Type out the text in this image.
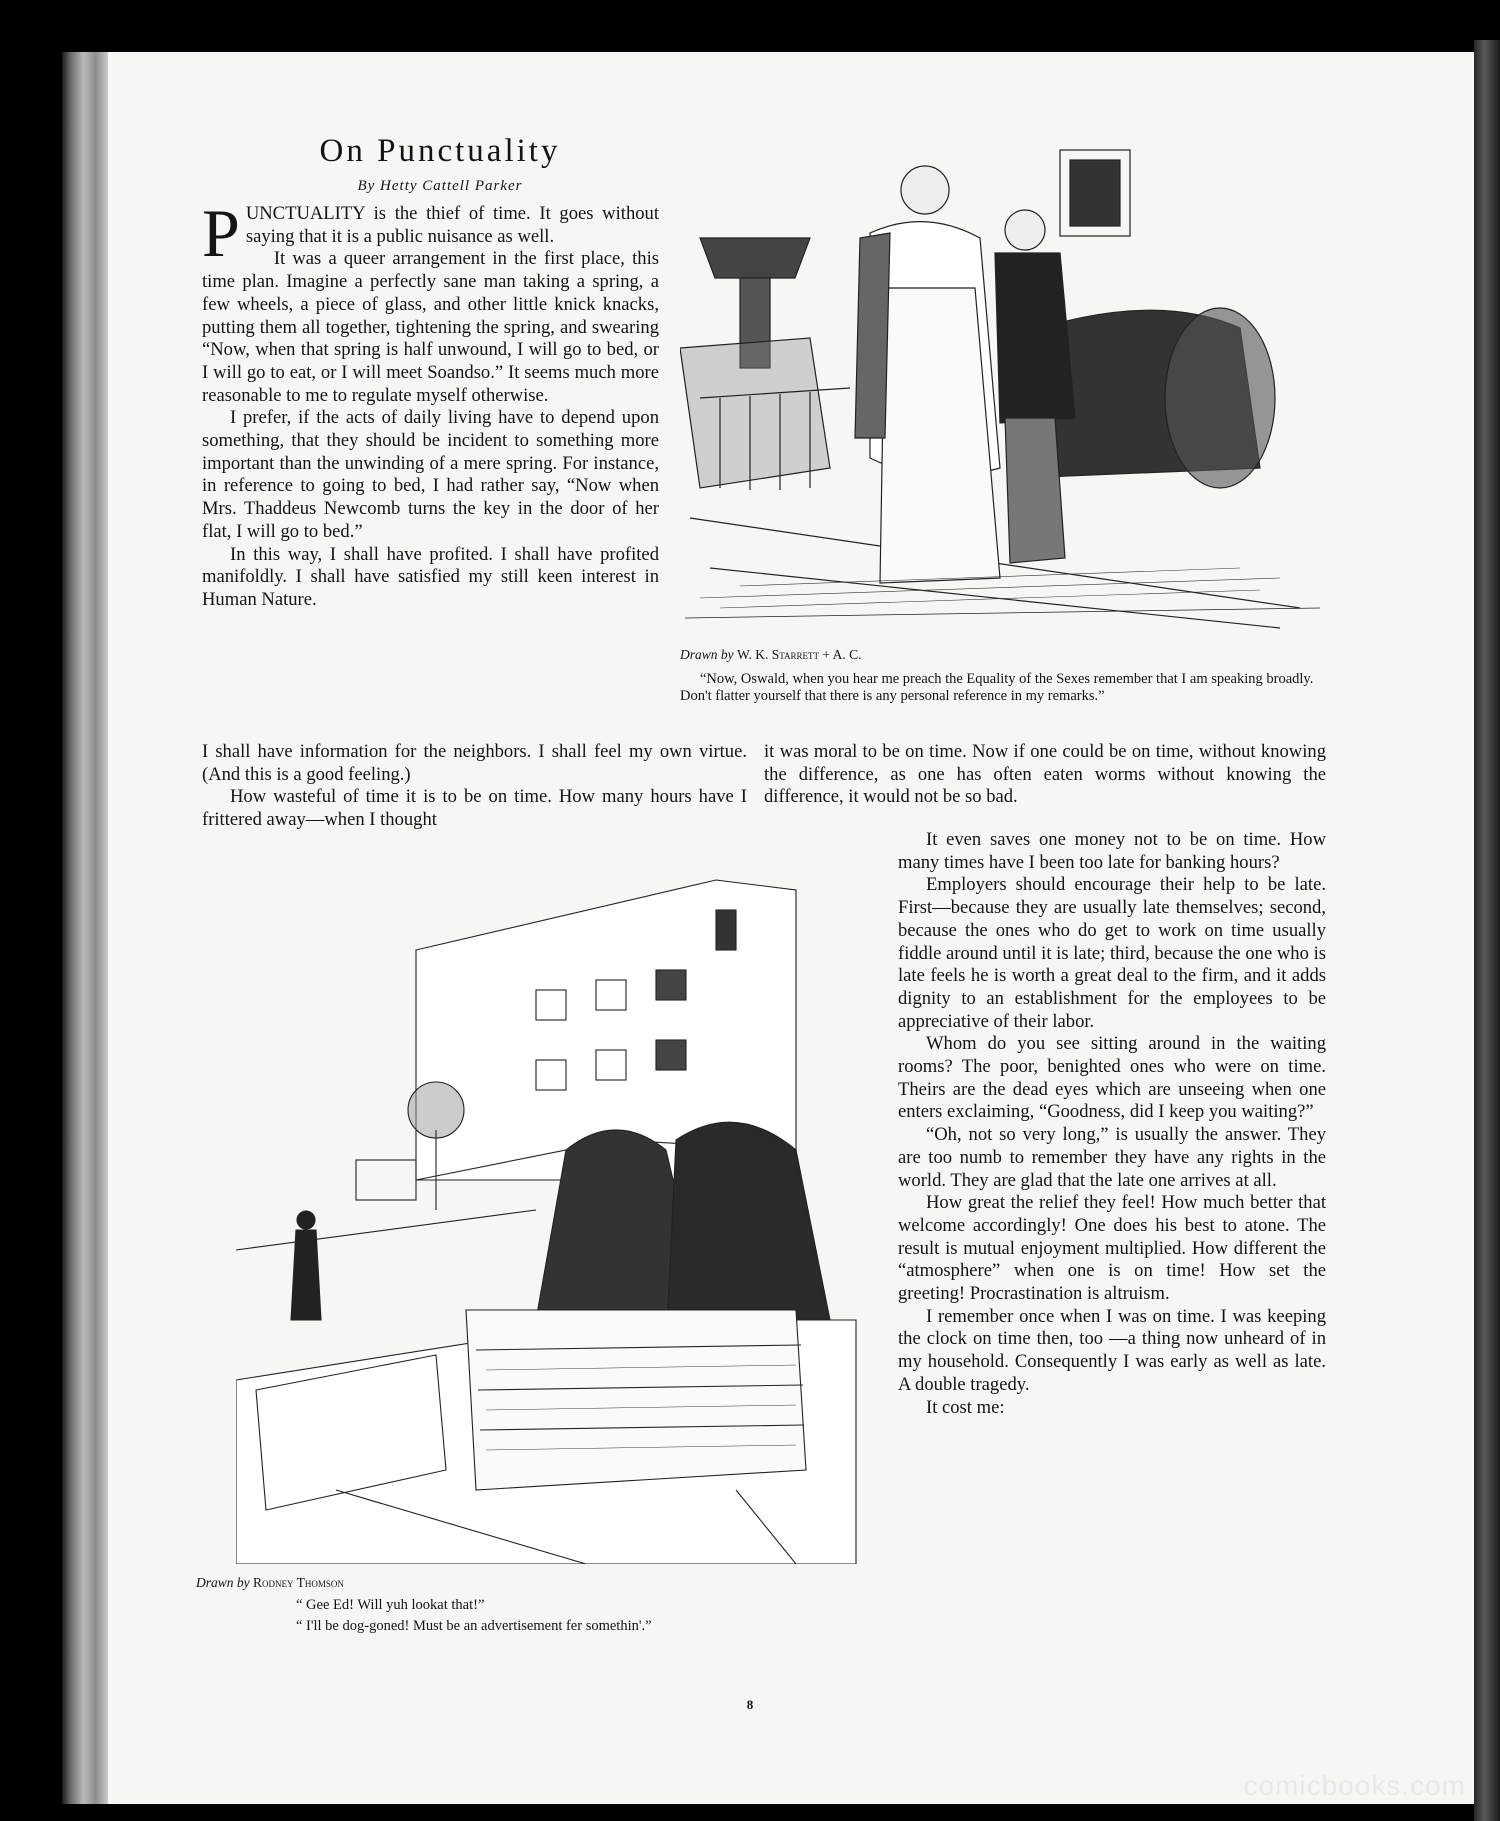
On Punctuality
By Hetty Cattell Parker

PUNCTUALITY is the thief of time. It goes without saying that it is a public nuisance as well.

It was a queer arrangement in the first place, this time plan. Imagine a perfectly sane man taking a spring, a few wheels, a piece of glass, and other little knick knacks, putting them all together, tightening the spring, and swearing “Now, when that spring is half unwound, I will go to bed, or I will go to eat, or I will meet Soandso.” It seems much more reasonable to me to regulate myself otherwise.

I prefer, if the acts of daily living have to depend upon something, that they should be incident to something more important than the unwinding of a mere spring. For instance, in reference to going to bed, I had rather say, “Now when Mrs. Thaddeus Newcomb turns the key in the door of her flat, I will go to bed.”

In this way, I shall have profited. I shall have profited manifoldly. I shall have satisfied my still keen interest in Human Nature.

I shall have information for the neighbors. I shall feel my own virtue. (And this is a good feeling.)

How wasteful of time it is to be on time. How many hours have I frittered away—when I thought

it was moral to be on time. Now if one could be on time, without knowing the difference, as one has often eaten worms without knowing the difference, it would not be so bad.

It even saves one money not to be on time. How many times have I been too late for banking hours?

Employers should encourage their help to be late. First—because they are usually late themselves; second, because the ones who do get to work on time usually fiddle around until it is late; third, because the one who is late feels he is worth a great deal to the firm, and it adds dignity to an establishment for the employees to be appreciative of their labor.

Whom do you see sitting around in the waiting rooms? The poor, benighted ones who were on time. Theirs are the dead eyes which are unseeing when one enters exclaiming, “Goodness, did I keep you waiting?”

“Oh, not so very long,” is usually the answer. They are too numb to remember they have any rights in the world. They are glad that the late one arrives at all.

How great the relief they feel! How much better that welcome accordingly! One does his best to atone. The result is mutual enjoyment multiplied. How different the “atmosphere” when one is on time! How set the greeting! Procrastination is altruism.

I remember once when I was on time. I was keeping the clock on time then, too —a thing now unheard of in my household. Consequently I was early as well as late. A double tragedy.

It cost me:

Drawn by W. K. Starrett + A. C.
“Now, Oswald, when you hear me preach the Equality of the Sexes remember that I am speaking broadly. Don't flatter yourself that there is any personal reference in my remarks.”
Drawn by Rodney Thomson
“ Gee Ed! Will yuh lookat that!”
“ I'll be dog-goned! Must be an advertisement fer somethin'.”
8
comicbooks.com
